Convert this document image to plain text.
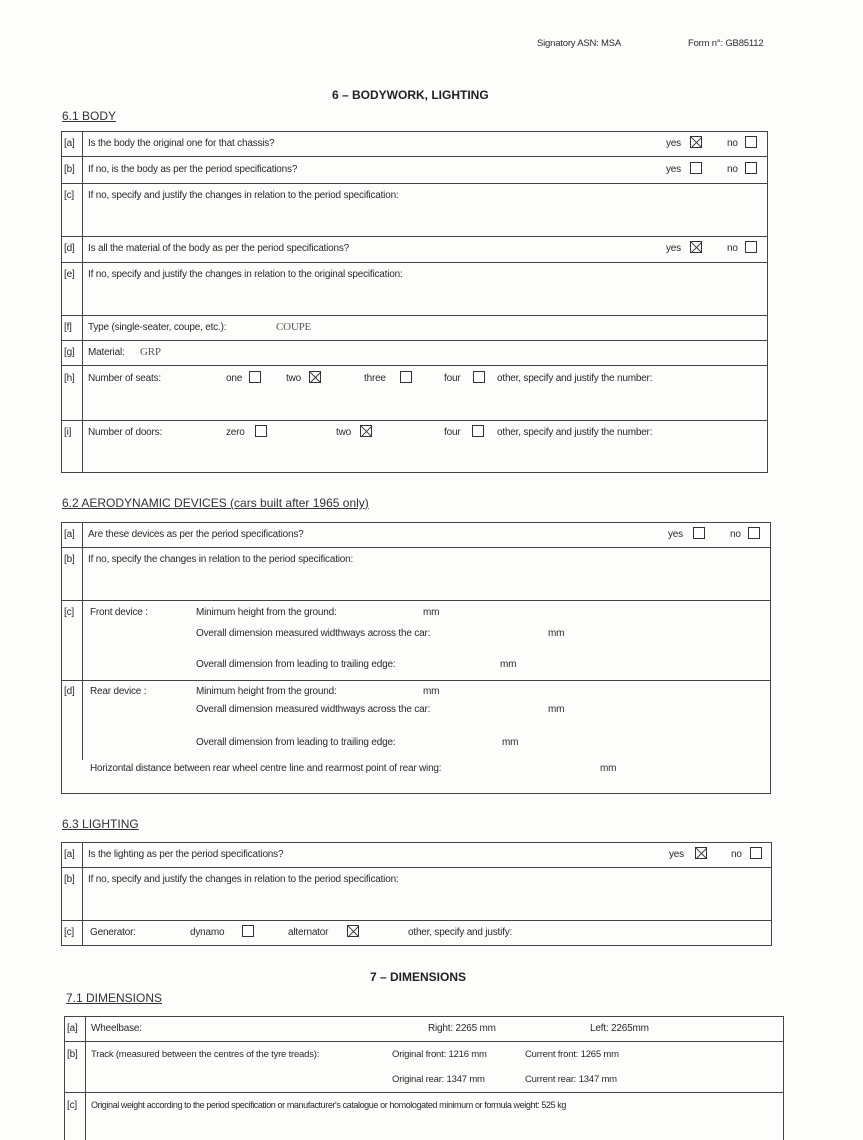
Signatory ASN: MSA	Form n°: GB85112
6 – BODYWORK, LIGHTING
6.1 BODY
[a] Is the body the original one for that chassis?	yes	no
[b] If no, is the body as per the period specifications?	yes	no
[c] If no, specify and justify the changes in relation to the period specification:
[d] Is all the material of the body as per the period specifications?	yes	no
[e] If no, specify and justify the changes in relation to the original specification:
[f] Type (single-seater, coupe, etc.):	COUPE
[g] Material: GRP
[h] Number of seats:	one	two	three	four	other, specify and justify the number:
[i] Number of doors:	zero	two	four	other, specify and justify the number:
6.2 AERODYNAMIC DEVICES (cars built after 1965 only)
[a] Are these devices as per the period specifications?	yes	no
[b] If no, specify the changes in relation to the period specification:
[c] Front device :	Minimum height from the ground:	mm
Overall dimension measured widthways across the car:	mm
Overall dimension from leading to trailing edge:	mm
[d] Rear device :	Minimum height from the ground:	mm
Overall dimension measured widthways across the car:	mm
Overall dimension from leading to trailing edge:	mm
Horizontal distance between rear wheel centre line and rearmost point of rear wing:	mm
6.3 LIGHTING
[a] Is the lighting as per the period specifications?	yes	no
[b] If no, specify and justify the changes in relation to the period specification:
[c] Generator:	dynamo	alternator	other, specify and justify:
7 – DIMENSIONS
7.1 DIMENSIONS
[a] Wheelbase:	Right: 2265 mm	Left: 2265mm
[b] Track (measured between the centres of the tyre treads):	Original front: 1216 mm	Current front: 1265 mm
Original rear: 1347 mm	Current rear: 1347 mm
[c] Original weight according to the period specification or manufacturer's catalogue or homologated minimum or formula weight: 525 kg
